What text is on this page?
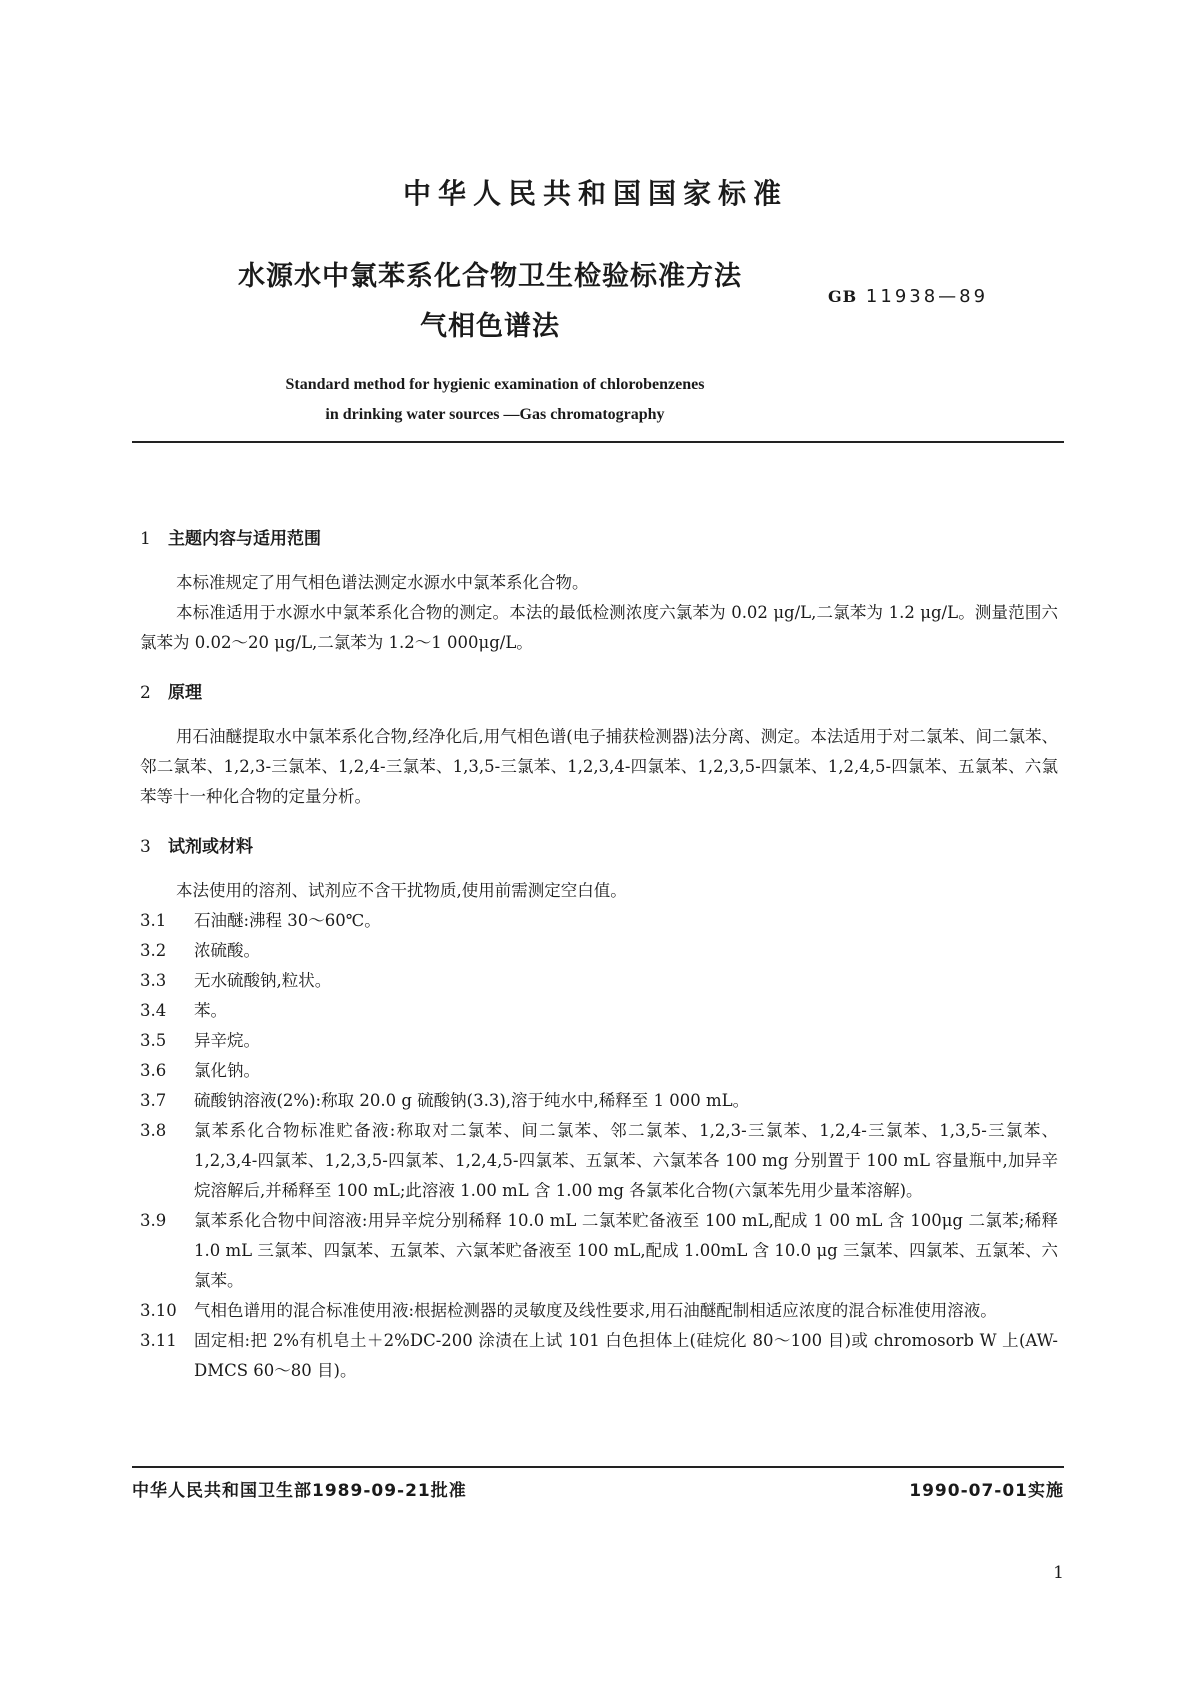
中华人民共和国国家标准
水源水中氯苯系化合物卫生检验标准方法
气相色谱法
GB 11938—89
Standard method for hygienic examination of chlorobenzenes
in drinking water sources —Gas chromatography
1 主题内容与适用范围

本标准规定了用气相色谱法测定水源水中氯苯系化合物。

本标准适用于水源水中氯苯系化合物的测定。本法的最低检测浓度六氯苯为 0.02 μg/L,二氯苯为 1.2 μg/L。测量范围六氯苯为 0.02～20 μg/L,二氯苯为 1.2～1 000μg/L。

2 原理

用石油醚提取水中氯苯系化合物,经净化后,用气相色谱(电子捕获检测器)法分离、测定。本法适用于对二氯苯、间二氯苯、邻二氯苯、1,2,3-三氯苯、1,2,4-三氯苯、1,3,5-三氯苯、1,2,3,4-四氯苯、1,2,3,5-四氯苯、1,2,4,5-四氯苯、五氯苯、六氯苯等十一种化合物的定量分析。

3 试剂或材料

本法使用的溶剂、试剂应不含干扰物质,使用前需测定空白值。

3.1	石油醚:沸程 30～60℃。
3.2	浓硫酸。
3.3	无水硫酸钠,粒状。
3.4	苯。
3.5	异辛烷。
3.6	氯化钠。
3.7	硫酸钠溶液(2%):称取 20.0 g 硫酸钠(3.3),溶于纯水中,稀释至 1 000 mL。
3.8	氯苯系化合物标准贮备液:称取对二氯苯、间二氯苯、邻二氯苯、1,2,3-三氯苯、1,2,4-三氯苯、1,3,5-三氯苯、1,2,3,4-四氯苯、1,2,3,5-四氯苯、1,2,4,5-四氯苯、五氯苯、六氯苯各 100 mg 分别置于 100 mL 容量瓶中,加异辛烷溶解后,并稀释至 100 mL;此溶液 1.00 mL 含 1.00 mg 各氯苯化合物(六氯苯先用少量苯溶解)。
3.9	氯苯系化合物中间溶液:用异辛烷分别稀释 10.0 mL 二氯苯贮备液至 100 mL,配成 1 00 mL 含 100μg 二氯苯;稀释 1.0 mL 三氯苯、四氯苯、五氯苯、六氯苯贮备液至 100 mL,配成 1.00mL 含 10.0 μg 三氯苯、四氯苯、五氯苯、六氯苯。
3.10	气相色谱用的混合标准使用液:根据检测器的灵敏度及线性要求,用石油醚配制相适应浓度的混合标准使用溶液。
3.11	固定相:把 2%有机皂土＋2%DC-200 涂渍在上试 101 白色担体上(硅烷化 80～100 目)或 chromosorb W 上(AW-DMCS 60～80 目)。
中华人民共和国卫生部1989-09-21批准	1990-07-01实施
1
